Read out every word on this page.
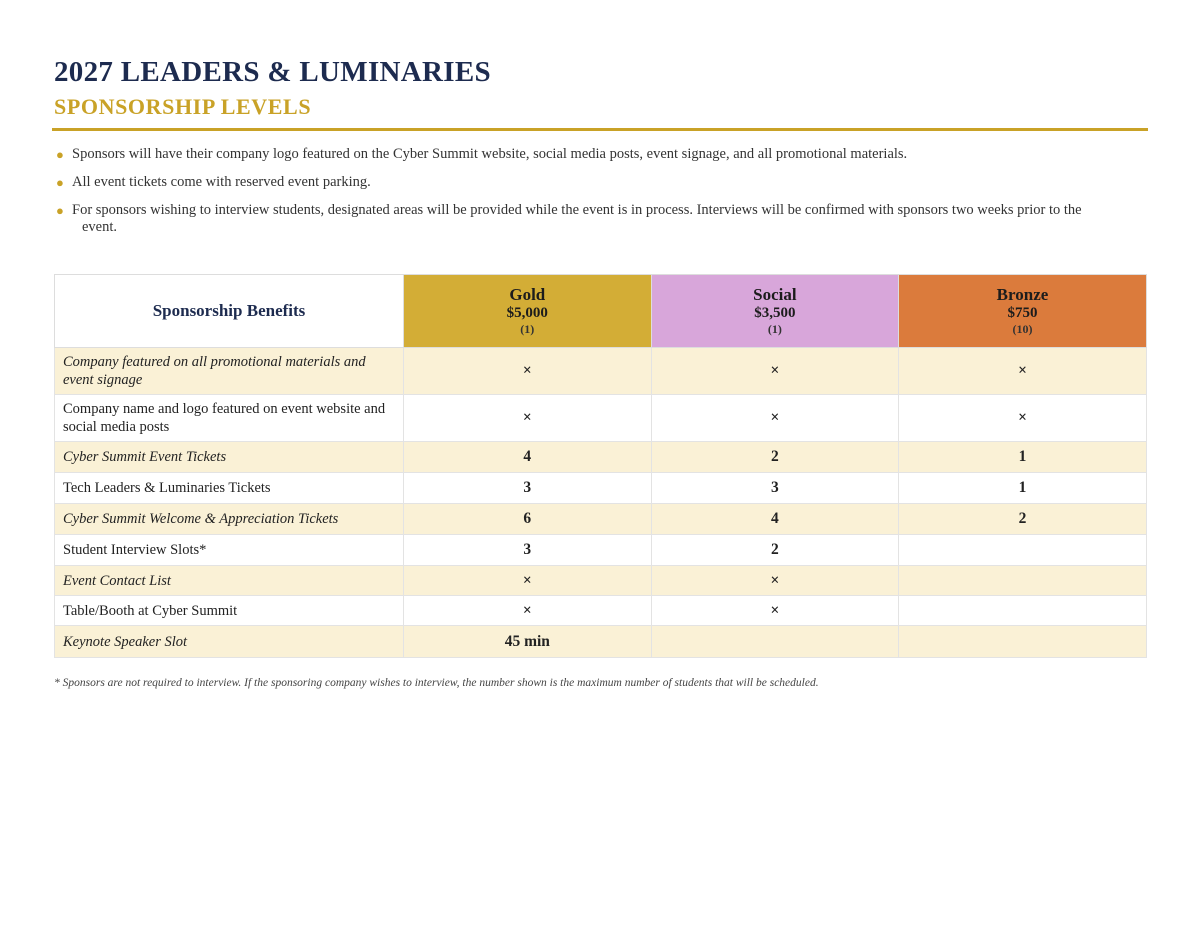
2027 LEADERS & LUMINARIES
SPONSORSHIP LEVELS
● Sponsors will have their company logo featured on the Cyber Summit website, social media posts, event signage, and all promotional materials.
● All event tickets come with reserved event parking.
● For sponsors wishing to interview students, designated areas will be provided while the event is in process. Interviews will be confirmed with sponsors two weeks prior to the
event.
Sponsorship Benefits	Gold
$5,000
(1)	Social
$3,500
(1)	Bronze
$750
(10)

Company featured on all promotional materials and event signage	×	×	×
Company name and logo featured on event website and social media posts	×	×	×
Cyber Summit Event Tickets	4	2	1
Tech Leaders & Luminaries Tickets	3	3	1
Cyber Summit Welcome & Appreciation Tickets	6	4	2
Student Interview Slots*	3	2	
Event Contact List	×	×	
Table/Booth at Cyber Summit	×	×	
Keynote Speaker Slot	45 min		
* Sponsors are not required to interview. If the sponsoring company wishes to interview, the number shown is the maximum number of students that will be scheduled.
